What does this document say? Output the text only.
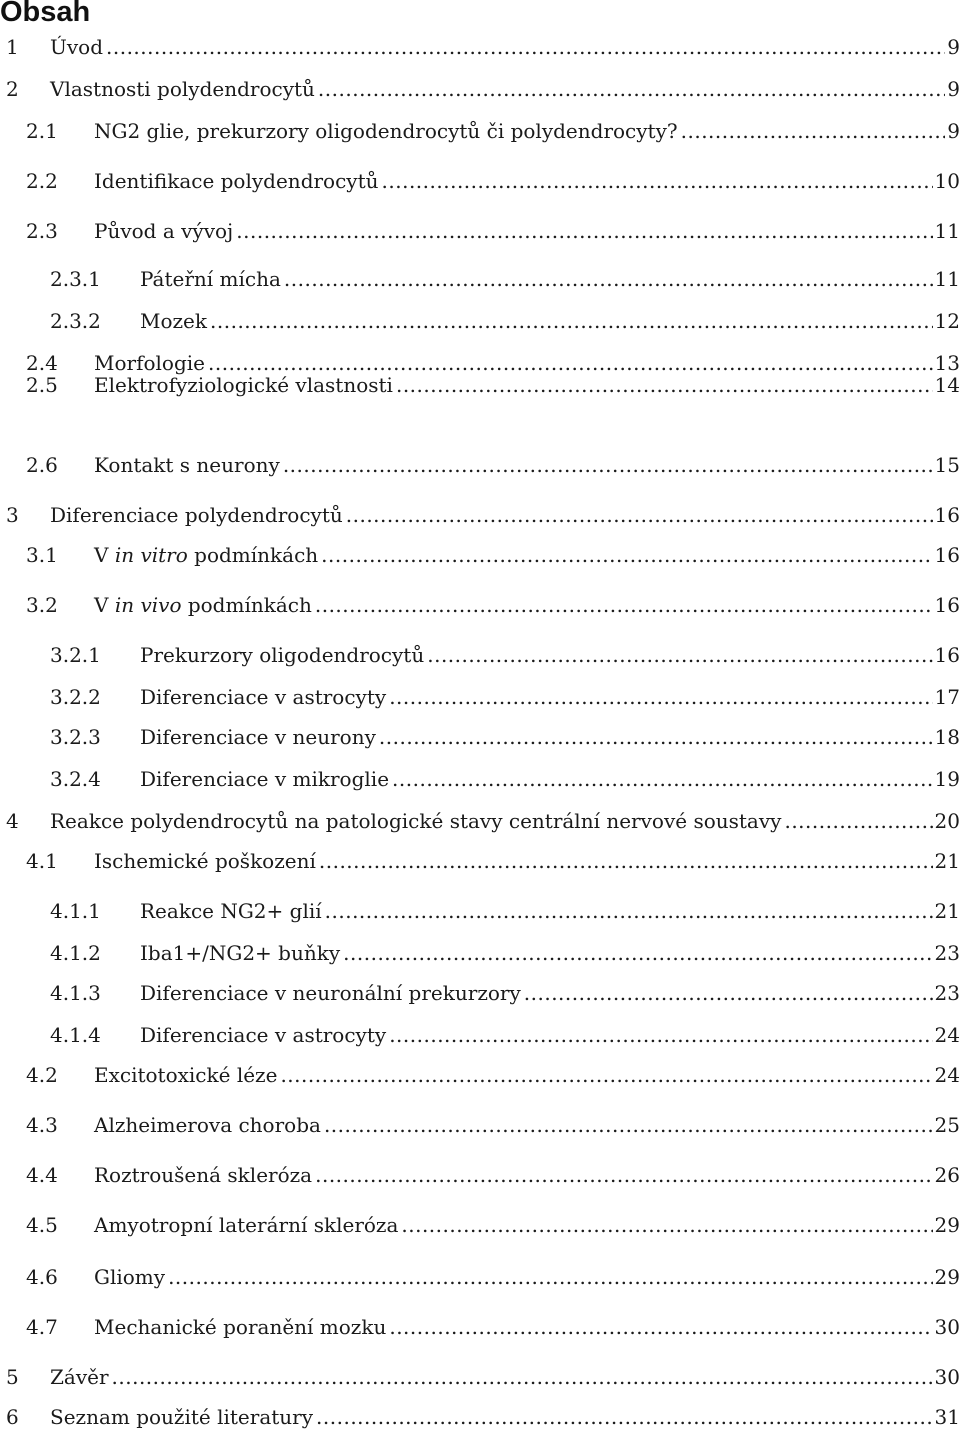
Obsah
1 Úvod .....	9
2 Vlastnosti polydendrocytů .....	9
2.1 NG2 glie, prekurzory oligodendrocytů či polydendrocyty? .....	9
2.2 Identifikace polydendrocytů .....	10
2.3 Původ a vývoj .....	11
2.3.1 Páteřní mícha .....	11
2.3.2 Mozek .....	12
2.4 Morfologie .....	13
2.5 Elektrofyziologické vlastnosti .....	14
2.6 Kontakt s neurony .....	15
3 Diferenciace polydendrocytů .....	16
3.1 V in vitro podmínkách .....	16
3.2 V in vivo podmínkách .....	16
3.2.1 Prekurzory oligodendrocytů .....	16
3.2.2 Diferenciace v astrocyty .....	17
3.2.3 Diferenciace v neurony .....	18
3.2.4 Diferenciace v mikroglie .....	19
4 Reakce polydendrocytů na patologické stavy centrální nervové soustavy .....	20
4.1 Ischemické poškození .....	21
4.1.1 Reakce NG2+ glií .....	21
4.1.2 Iba1+/NG2+ buňky .....	23
4.1.3 Diferenciace v neuronální prekurzory .....	23
4.1.4 Diferenciace v astrocyty .....	24
4.2 Excitotoxické léze .....	24
4.3 Alzheimerova choroba .....	25
4.4 Roztroušená skleróza .....	26
4.5 Amyotropní laterární skleróza .....	29
4.6 Gliomy .....	29
4.7 Mechanické poranění mozku .....	30
5 Závěr .....	30
6 Seznam použité literatury .....	31
